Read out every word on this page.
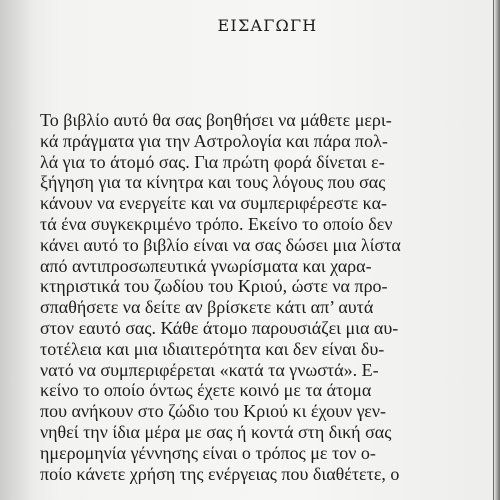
ΕΙΣΑΓΩΓΗ
Το βιβλίο αυτό θα σας βοηθήσει να μάθετε μερι-
κά πράγματα για την Αστρολογία και πάρα πολ-
λά για το άτομό σας. Για πρώτη φορά δίνεται ε-
ξήγηση για τα κίνητρα και τους λόγους που σας
κάνουν να ενεργείτε και να συμπεριφέρεστε κα-
τά ένα συγκεκριμένο τρόπο. Εκείνο το οποίο δεν
κάνει αυτό το βιβλίο είναι να σας δώσει μια λίστα
από αντιπροσωπευτικά γνωρίσματα και χαρα-
κτηριστικά του ζωδίου του Κριού, ώστε να προ-
σπαθήσετε να δείτε αν βρίσκετε κάτι απ’ αυτά
στον εαυτό σας. Κάθε άτομο παρουσιάζει μια αυ-
τοτέλεια και μια ιδιαιτερότητα και δεν είναι δυ-
νατό να συμπεριφέρεται «κατά τα γνωστά». Ε-
κείνο το οποίο όντως έχετε κοινό με τα άτομα
που ανήκουν στο ζώδιο του Κριού κι έχουν γεν-
νηθεί την ίδια μέρα με σας ή κοντά στη δική σας
ημερομηνία γέννησης είναι ο τρόπος με τον ο-
ποίο κάνετε χρήση της ενέργειας που διαθέτετε, ο
